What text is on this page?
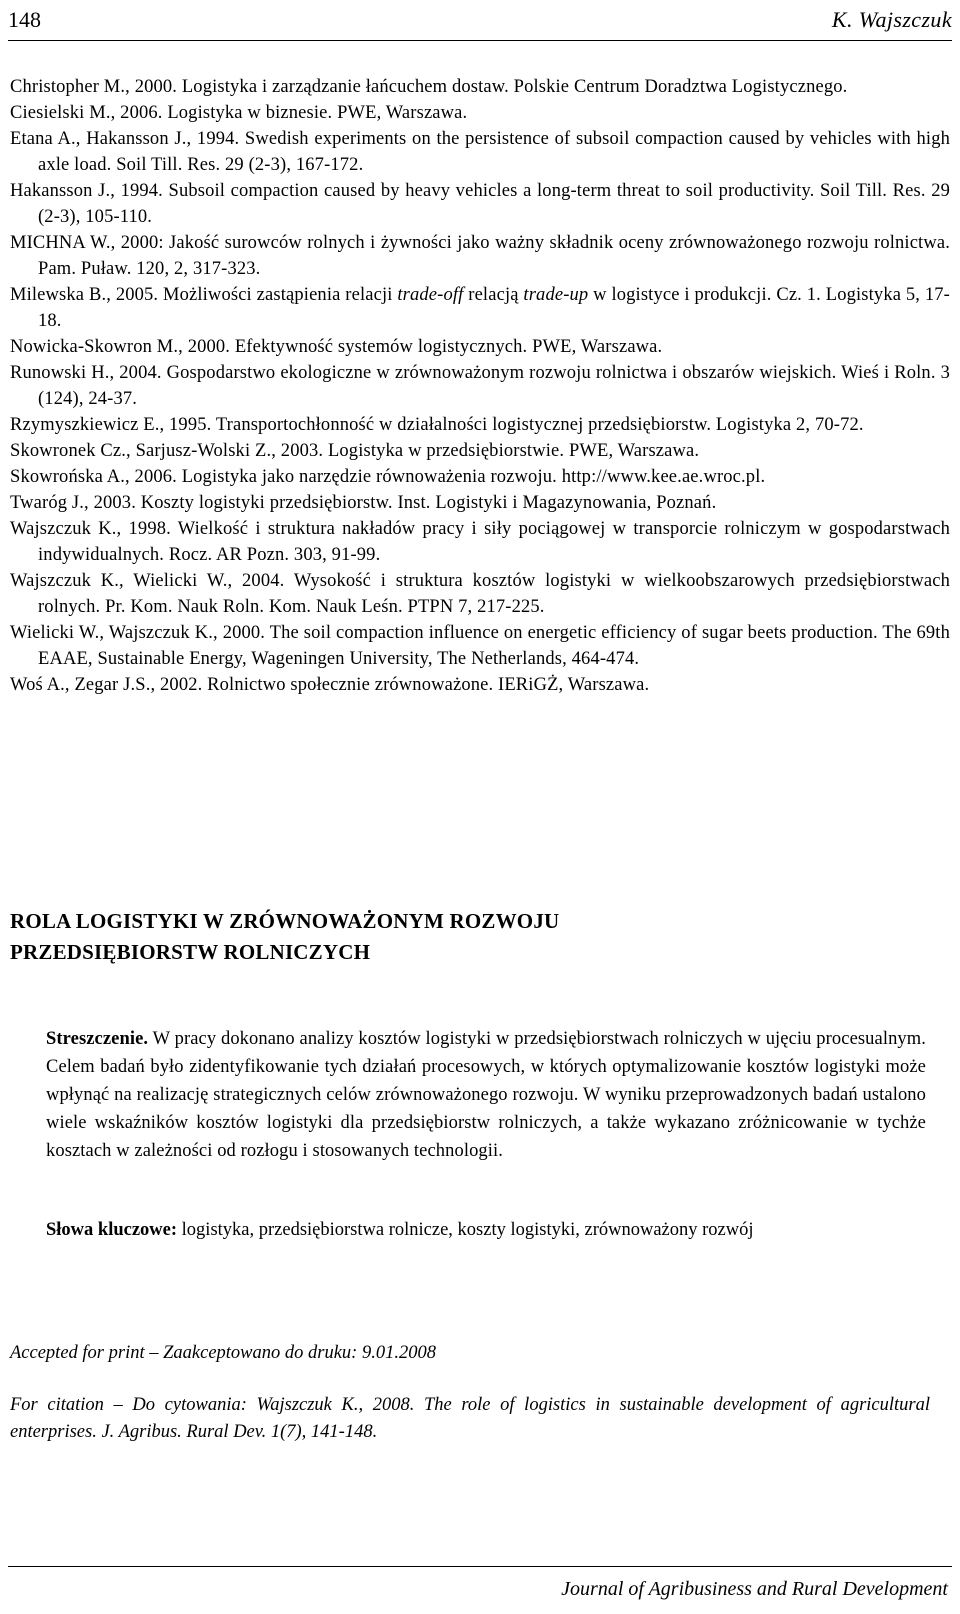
148	K. Wajszczuk
Christopher M., 2000. Logistyka i zarządzanie łańcuchem dostaw. Polskie Centrum Doradztwa Logistycznego.
Ciesielski M., 2006. Logistyka w biznesie. PWE, Warszawa.
Etana A., Hakansson J., 1994. Swedish experiments on the persistence of subsoil compaction caused by vehicles with high axle load. Soil Till. Res. 29 (2-3), 167-172.
Hakansson J., 1994. Subsoil compaction caused by heavy vehicles a long-term threat to soil productivity. Soil Till. Res. 29 (2-3), 105-110.
MICHNA W., 2000: Jakość surowców rolnych i żywności jako ważny składnik oceny zrównoważonego rozwoju rolnictwa. Pam. Puław. 120, 2, 317-323.
Milewska B., 2005. Możliwości zastąpienia relacji trade-off relacją trade-up w logistyce i produkcji. Cz. 1. Logistyka 5, 17-18.
Nowicka-Skowron M., 2000. Efektywność systemów logistycznych. PWE, Warszawa.
Runowski H., 2004. Gospodarstwo ekologiczne w zrównoważonym rozwoju rolnictwa i obszarów wiejskich. Wieś i Roln. 3 (124), 24-37.
Rzymyszkiewicz E., 1995. Transportochłonność w działalności logistycznej przedsiębiorstw. Logistyka 2, 70-72.
Skowronek Cz., Sarjusz-Wolski Z., 2003. Logistyka w przedsiębiorstwie. PWE, Warszawa.
Skowrońska A., 2006. Logistyka jako narzędzie równoważenia rozwoju. http://www.kee.ae.wroc.pl.
Twaróg J., 2003. Koszty logistyki przedsiębiorstw. Inst. Logistyki i Magazynowania, Poznań.
Wajszczuk K., 1998. Wielkość i struktura nakładów pracy i siły pociągowej w transporcie rolniczym w gospodarstwach indywidualnych. Rocz. AR Pozn. 303, 91-99.
Wajszczuk K., Wielicki W., 2004. Wysokość i struktura kosztów logistyki w wielkoobszarowych przedsiębiorstwach rolnych. Pr. Kom. Nauk Roln. Kom. Nauk Leśn. PTPN 7, 217-225.
Wielicki W., Wajszczuk K., 2000. The soil compaction influence on energetic efficiency of sugar beets production. The 69th EAAE, Sustainable Energy, Wageningen University, The Netherlands, 464-474.
Woś A., Zegar J.S., 2002. Rolnictwo społecznie zrównoważone. IERiGŻ, Warszawa.
ROLA LOGISTYKI W ZRÓWNOWAŻONYM ROZWOJU
PRZEDSIĘBIORSTW ROLNICZYCH
Streszczenie. W pracy dokonano analizy kosztów logistyki w przedsiębiorstwach rolniczych w ujęciu procesualnym. Celem badań było zidentyfikowanie tych działań procesowych, w których optymalizowanie kosztów logistyki może wpłynąć na realizację strategicznych celów zrównoważonego rozwoju. W wyniku przeprowadzonych badań ustalono wiele wskaźników kosztów logistyki dla przedsiębiorstw rolniczych, a także wykazano zróżnicowanie w tychże kosztach w zależności od rozłogu i stosowanych technologii.
Słowa kluczowe: logistyka, przedsiębiorstwa rolnicze, koszty logistyki, zrównoważony rozwój
Accepted for print – Zaakceptowano do druku: 9.01.2008
For citation – Do cytowania: Wajszczuk K., 2008. The role of logistics in sustainable development of agricultural enterprises. J. Agribus. Rural Dev. 1(7), 141-148.
Journal of Agribusiness and Rural Development
